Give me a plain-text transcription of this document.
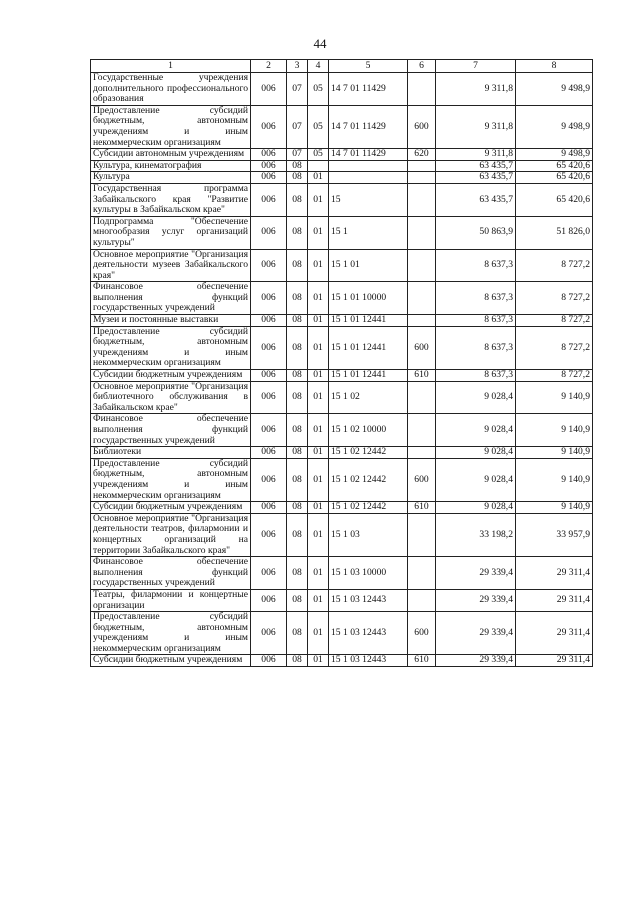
44
1	2	3	4	5	6	7	8
Государственные учреждения дополнительного профессионального образования	006	07	05	14 7 01 11429		9 311,8	9 498,9
Предоставление субсидий бюджетным, автономным учреждениям и иным некоммерческим организациям	006	07	05	14 7 01 11429	600	9 311,8	9 498,9
Субсидии автономным учреждениям	006	07	05	14 7 01 11429	620	9 311,8	9 498,9
Культура, кинематография	006	08				63 435,7	65 420,6
Культура	006	08	01			63 435,7	65 420,6
Государственная программа Забайкальского края "Развитие культуры в Забайкальском крае"	006	08	01	15		63 435,7	65 420,6
Подпрограмма "Обеспечение многообразия услуг организаций культуры"	006	08	01	15 1		50 863,9	51 826,0
Основное мероприятие "Организация деятельности музеев Забайкальского края"	006	08	01	15 1 01		8 637,3	8 727,2
Финансовое обеспечение выполнения функций государственных учреждений	006	08	01	15 1 01 10000		8 637,3	8 727,2
Музеи и постоянные выставки	006	08	01	15 1 01 12441		8 637,3	8 727,2
Предоставление субсидий бюджетным, автономным учреждениям и иным некоммерческим организациям	006	08	01	15 1 01 12441	600	8 637,3	8 727,2
Субсидии бюджетным учреждениям	006	08	01	15 1 01 12441	610	8 637,3	8 727,2
Основное мероприятие "Организация библиотечного обслуживания в Забайкальском крае"	006	08	01	15 1 02		9 028,4	9 140,9
Финансовое обеспечение выполнения функций государственных учреждений	006	08	01	15 1 02 10000		9 028,4	9 140,9
Библиотеки	006	08	01	15 1 02 12442		9 028,4	9 140,9
Предоставление субсидий бюджетным, автономным учреждениям и иным некоммерческим организациям	006	08	01	15 1 02 12442	600	9 028,4	9 140,9
Субсидии бюджетным учреждениям	006	08	01	15 1 02 12442	610	9 028,4	9 140,9
Основное мероприятие "Организация деятельности театров, филармонии и концертных организаций на территории Забайкальского края"	006	08	01	15 1 03		33 198,2	33 957,9
Финансовое обеспечение выполнения функций государственных учреждений	006	08	01	15 1 03 10000		29 339,4	29 311,4
Театры, филармонии и концертные организации	006	08	01	15 1 03 12443		29 339,4	29 311,4
Предоставление субсидий бюджетным, автономным учреждениям и иным некоммерческим организациям	006	08	01	15 1 03 12443	600	29 339,4	29 311,4
Субсидии бюджетным учреждениям	006	08	01	15 1 03 12443	610	29 339,4	29 311,4
